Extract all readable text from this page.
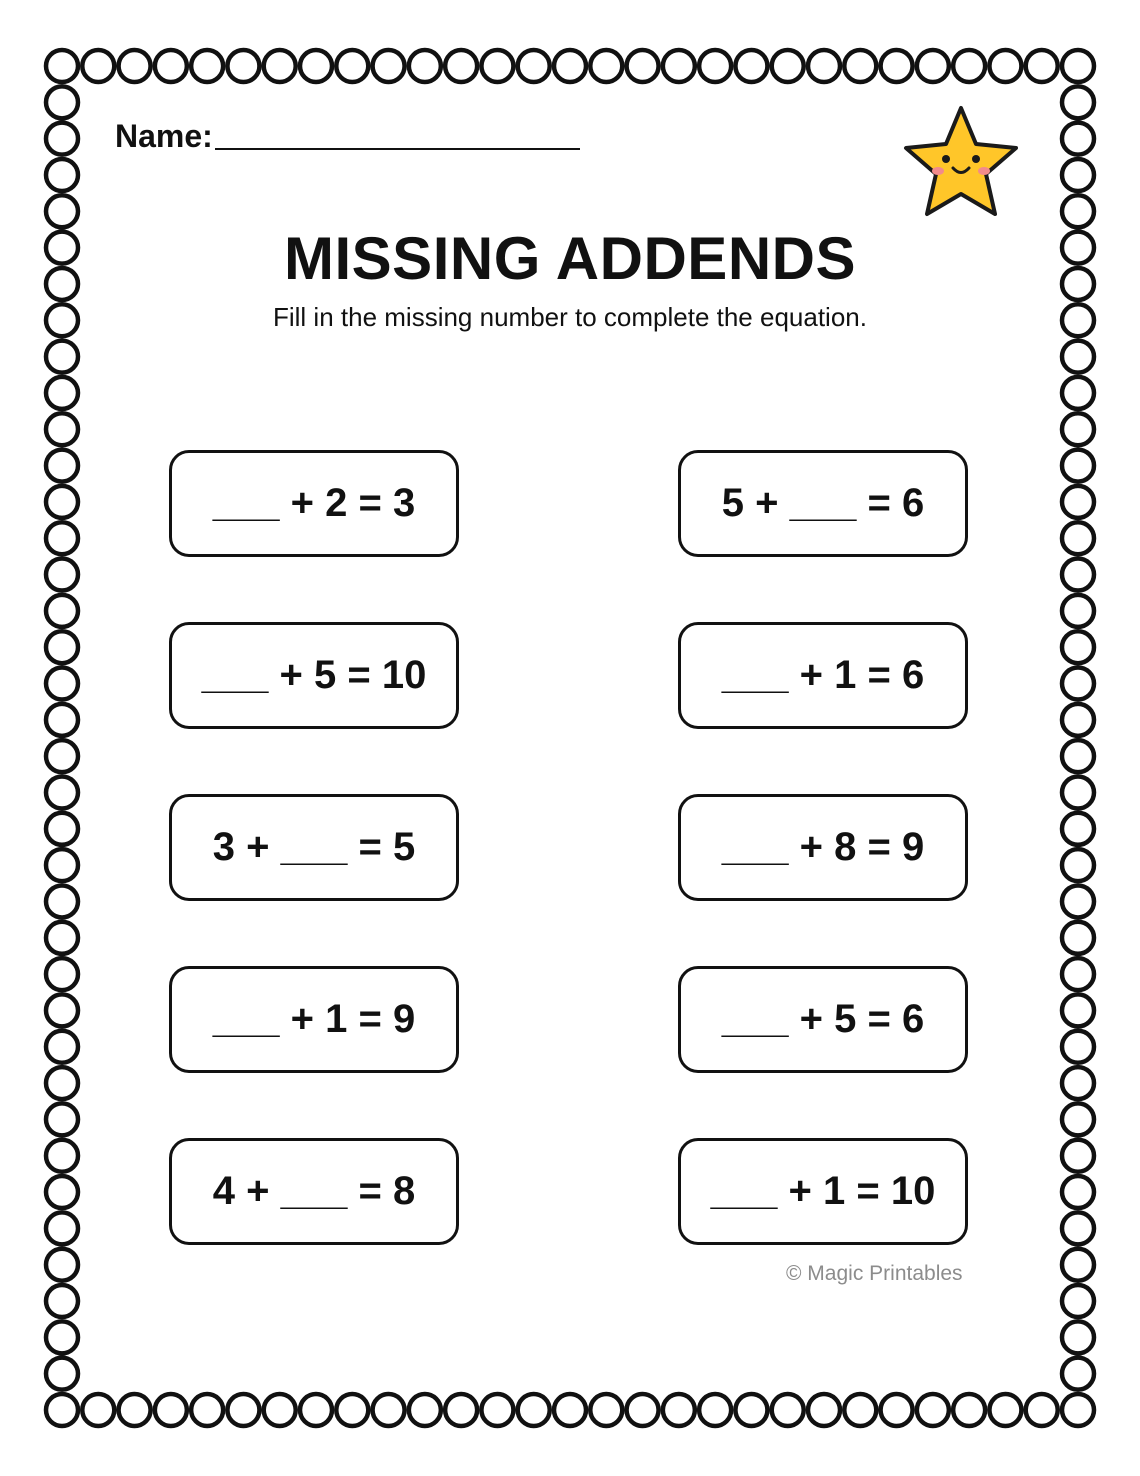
Name:
MISSING ADDENDS
Fill in the missing number to complete the equation.
___ + 2 = 3
___ + 5 = 10
3 + ___ = 5
___ + 1 = 9
4 + ___ = 8
5 + ___ = 6
___ + 1 = 6
___ + 8 = 9
___ + 5 = 6
___ + 1 = 10
© Magic Printables
